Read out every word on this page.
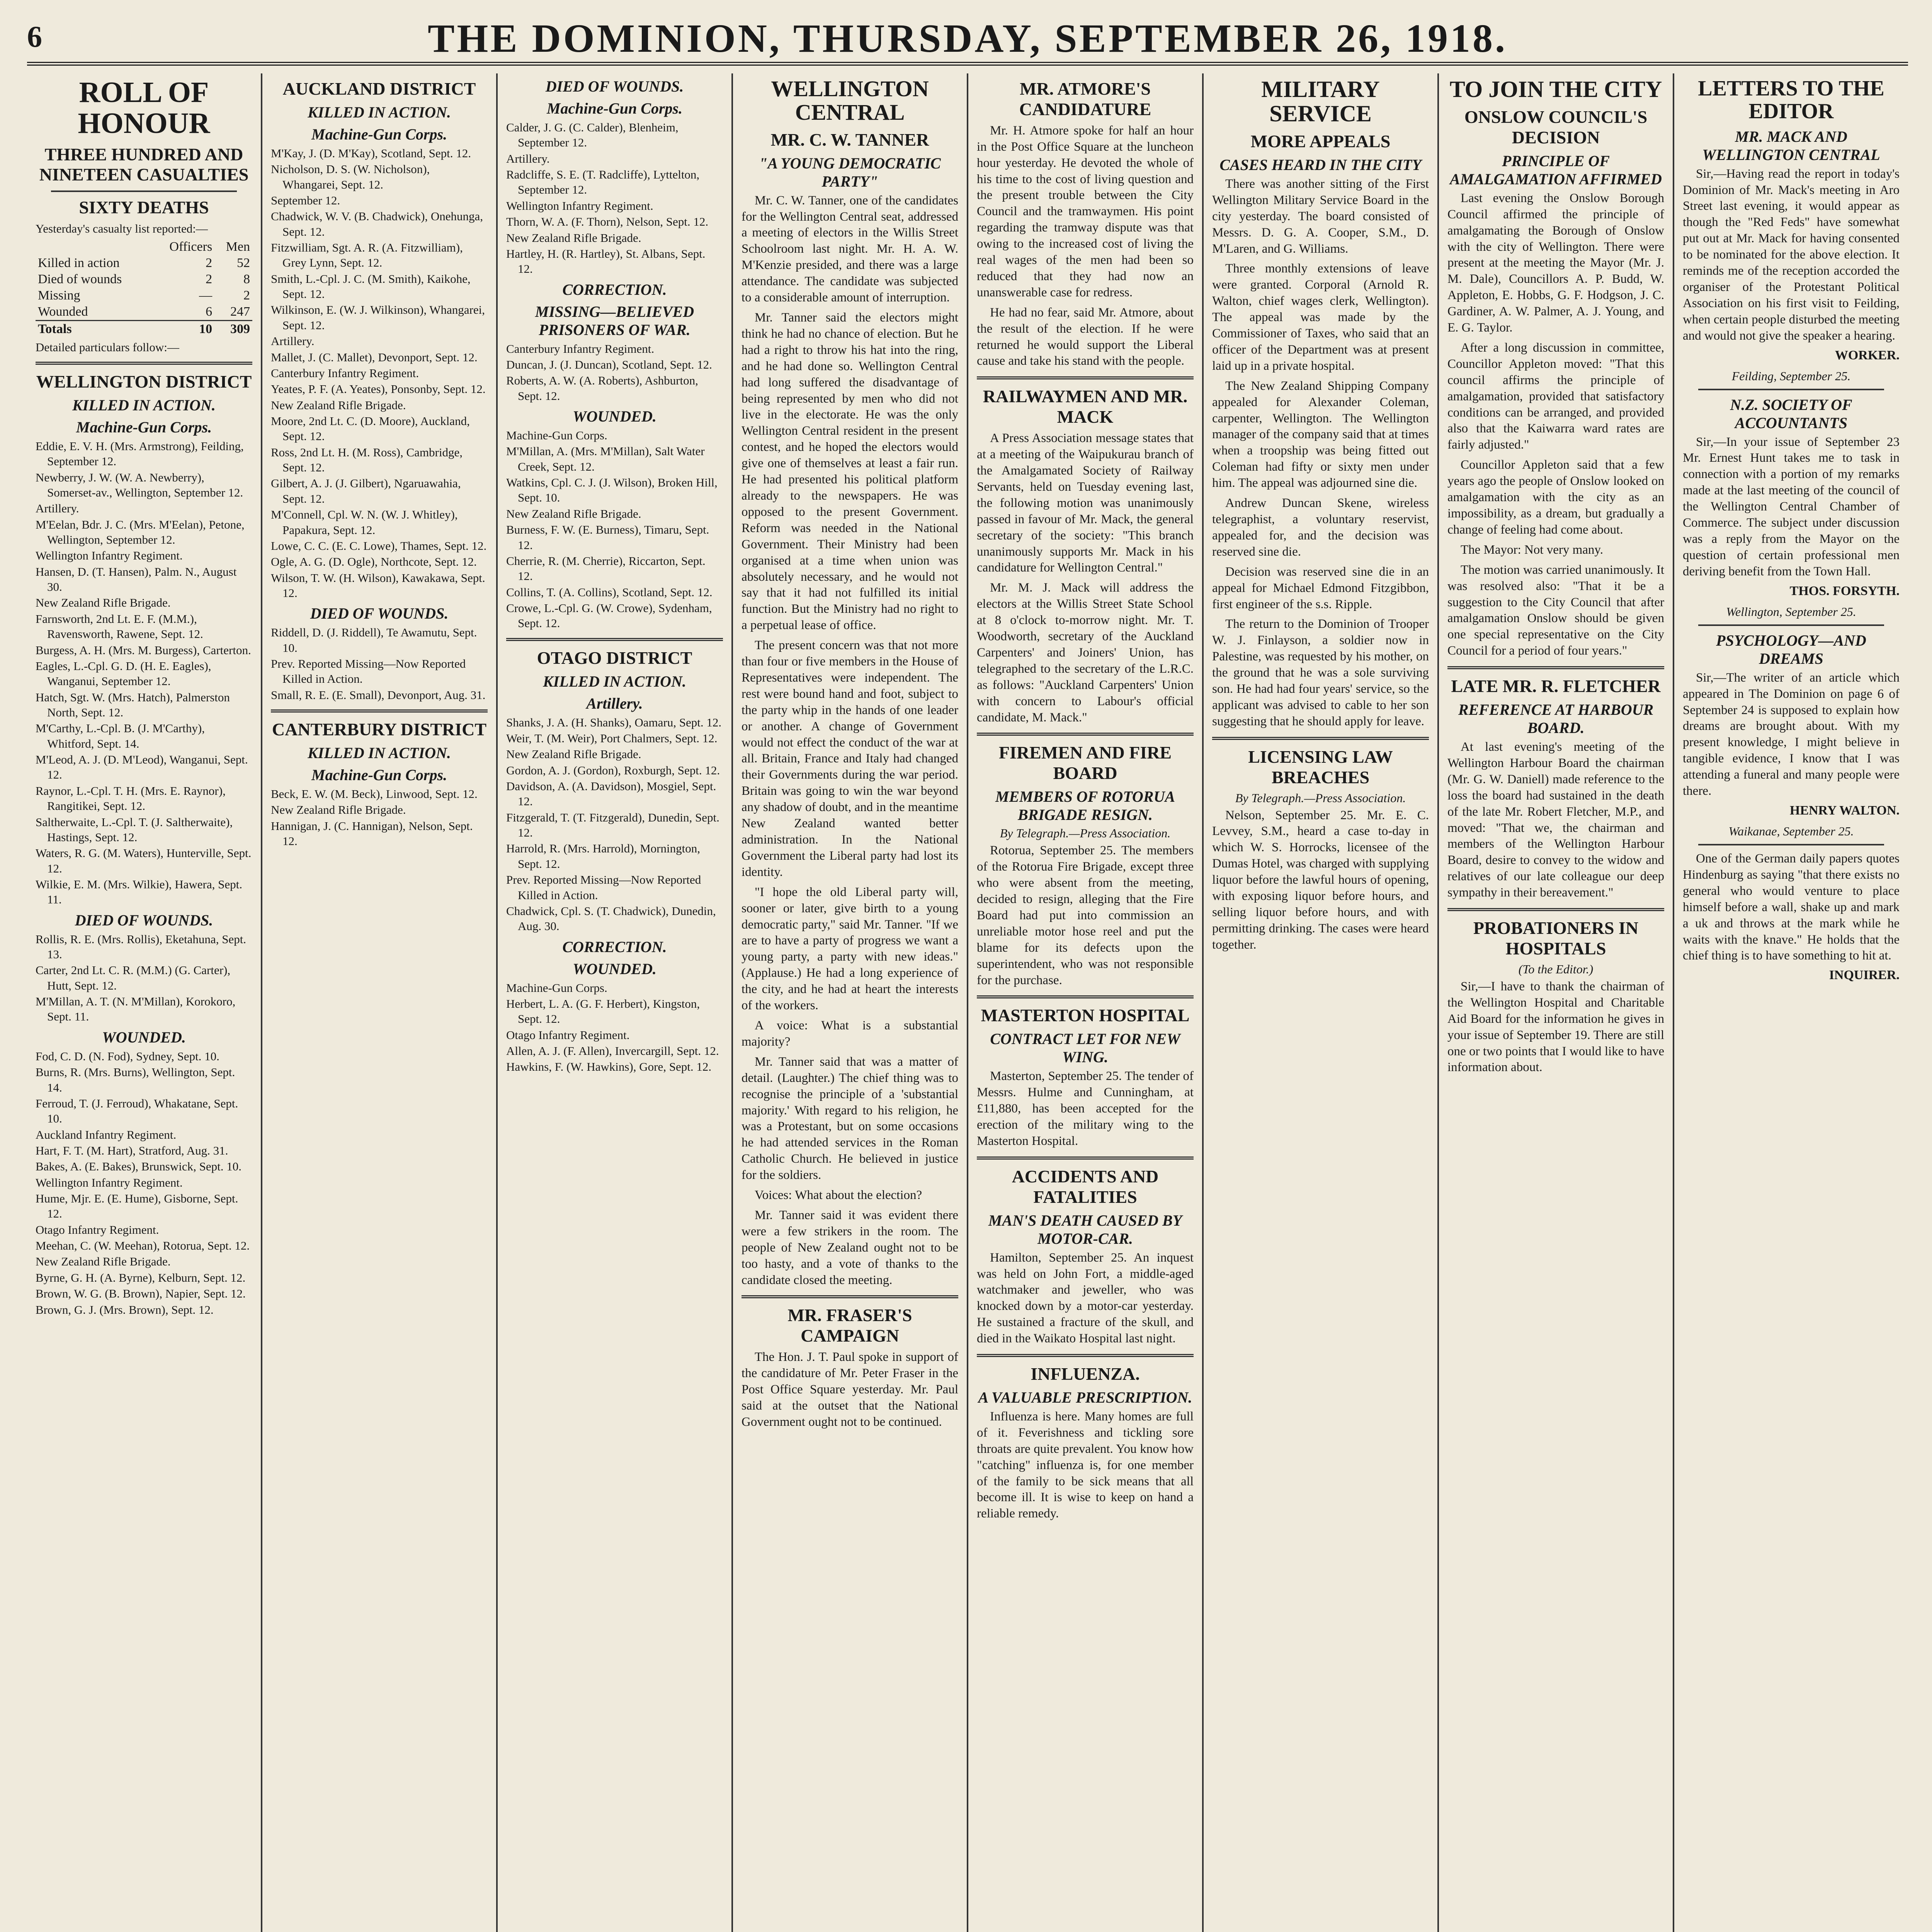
6	THE DOMINION, THURSDAY, SEPTEMBER 26, 1918.
ROLL OF HONOUR
THREE HUNDRED AND NINETEEN CASUALTIES
SIXTY DEATHS
Yesterday's casualty list reported:—
	Officers	Men
Killed in action	2	52
Died of wounds	2	8
Missing	—	2
Wounded	6	247
Totals	10	309
Detailed particulars follow:—
WELLINGTON DISTRICT
KILLED IN ACTION.
Machine-Gun Corps.
Eddie, E. V. H. (Mrs. Armstrong), Feilding, September 12.
Newberry, J. W. (W. A. Newberry), Somerset-av., Wellington, September 12.
Artillery.
M'Eelan, Bdr. J. C. (Mrs. M'Eelan), Petone, Wellington, September 12.
Wellington Infantry Regiment.
Hansen, D. (T. Hansen), Palm. N., August 30.
New Zealand Rifle Brigade.
Farnsworth, 2nd Lt. E. F. (M.M.), Ravensworth, Rawene, Sept. 12.
Burgess, A. H. (Mrs. M. Burgess), Carterton.
Eagles, L.-Cpl. G. D. (H. E. Eagles), Wanganui, September 12.
Hatch, Sgt. W. (Mrs. Hatch), Palmerston North, Sept. 12.
M'Carthy, L.-Cpl. B. (J. M'Carthy), Whitford, Sept. 14.
M'Leod, A. J. (D. M'Leod), Wanganui, Sept. 12.
Raynor, L.-Cpl. T. H. (Mrs. E. Raynor), Rangitikei, Sept. 12.
Saltherwaite, L.-Cpl. T. (J. Saltherwaite), Hastings, Sept. 12.
Waters, R. G. (M. Waters), Hunterville, Sept. 12.
Wilkie, E. M. (Mrs. Wilkie), Hawera, Sept. 11.
DIED OF WOUNDS.
Rollis, R. E. (Mrs. Rollis), Eketahuna, Sept. 13.
Carter, 2nd Lt. C. R. (M.M.) (G. Carter), Hutt, Sept. 12.
M'Millan, A. T. (N. M'Millan), Korokoro, Sept. 11.
WOUNDED.
Fod, C. D. (N. Fod), Sydney, Sept. 10.
Burns, R. (Mrs. Burns), Wellington, Sept. 14.
Ferroud, T. (J. Ferroud), Whakatane, Sept. 10.
Auckland Infantry Regiment.
Hart, F. T. (M. Hart), Stratford, Aug. 31.
Bakes, A. (E. Bakes), Brunswick, Sept. 10.
Wellington Infantry Regiment.
Hume, Mjr. E. (E. Hume), Gisborne, Sept. 12.
Otago Infantry Regiment.
Meehan, C. (W. Meehan), Rotorua, Sept. 12.
New Zealand Rifle Brigade.
Byrne, G. H. (A. Byrne), Kelburn, Sept. 12.
Brown, W. G. (B. Brown), Napier, Sept. 12.
Brown, G. J. (Mrs. Brown), Sept. 12.
AUCKLAND DISTRICT
KILLED IN ACTION.
Machine-Gun Corps.
M'Kay, J. (D. M'Kay), Scotland, Sept. 12.
Nicholson, D. S. (W. Nicholson), Whangarei, Sept. 12.
September 12.
Chadwick, W. V. (B. Chadwick), Onehunga, Sept. 12.
Fitzwilliam, Sgt. A. R. (A. Fitzwilliam), Grey Lynn, Sept. 12.
Smith, L.-Cpl. J. C. (M. Smith), Kaikohe, Sept. 12.
Wilkinson, E. (W. J. Wilkinson), Whangarei, Sept. 12.
Artillery.
Mallet, J. (C. Mallet), Devonport, Sept. 12.
Canterbury Infantry Regiment.
Yeates, P. F. (A. Yeates), Ponsonby, Sept. 12.
New Zealand Rifle Brigade.
Moore, 2nd Lt. C. (D. Moore), Auckland, Sept. 12.
Ross, 2nd Lt. H. (M. Ross), Cambridge, Sept. 12.
Gilbert, A. J. (J. Gilbert), Ngaruawahia, Sept. 12.
M'Connell, Cpl. W. N. (W. J. Whitley), Papakura, Sept. 12.
Lowe, C. C. (E. C. Lowe), Thames, Sept. 12.
Ogle, A. G. (D. Ogle), Northcote, Sept. 12.
Wilson, T. W. (H. Wilson), Kawakawa, Sept. 12.
DIED OF WOUNDS.
Riddell, D. (J. Riddell), Te Awamutu, Sept. 10.
Prev. Reported Missing—Now Reported Killed in Action.
Small, R. E. (E. Small), Devonport, Aug. 31.
CANTERBURY DISTRICT
KILLED IN ACTION.
Machine-Gun Corps.
Beck, E. W. (M. Beck), Linwood, Sept. 12.
New Zealand Rifle Brigade.
Hannigan, J. (C. Hannigan), Nelson, Sept. 12.
DIED OF WOUNDS.
Machine-Gun Corps.
Calder, J. G. (C. Calder), Blenheim, September 12.
Artillery.
Radcliffe, S. E. (T. Radcliffe), Lyttelton, September 12.
Wellington Infantry Regiment.
Thorn, W. A. (F. Thorn), Nelson, Sept. 12.
New Zealand Rifle Brigade.
Hartley, H. (R. Hartley), St. Albans, Sept. 12.
CORRECTION.
MISSING—BELIEVED PRISONERS OF WAR.
Canterbury Infantry Regiment.
Duncan, J. (J. Duncan), Scotland, Sept. 12.
Roberts, A. W. (A. Roberts), Ashburton, Sept. 12.
WOUNDED.
Machine-Gun Corps.
M'Millan, A. (Mrs. M'Millan), Salt Water Creek, Sept. 12.
Watkins, Cpl. C. J. (J. Wilson), Broken Hill, Sept. 10.
New Zealand Rifle Brigade.
Burness, F. W. (E. Burness), Timaru, Sept. 12.
Cherrie, R. (M. Cherrie), Riccarton, Sept. 12.
Collins, T. (A. Collins), Scotland, Sept. 12.
Crowe, L.-Cpl. G. (W. Crowe), Sydenham, Sept. 12.
OTAGO DISTRICT
KILLED IN ACTION.
Artillery.
Shanks, J. A. (H. Shanks), Oamaru, Sept. 12.
Weir, T. (M. Weir), Port Chalmers, Sept. 12.
New Zealand Rifle Brigade.
Gordon, A. J. (Gordon), Roxburgh, Sept. 12.
Davidson, A. (A. Davidson), Mosgiel, Sept. 12.
Fitzgerald, T. (T. Fitzgerald), Dunedin, Sept. 12.
Harrold, R. (Mrs. Harrold), Mornington, Sept. 12.
Prev. Reported Missing—Now Reported Killed in Action.
Chadwick, Cpl. S. (T. Chadwick), Dunedin, Aug. 30.
CORRECTION.
WOUNDED.
Machine-Gun Corps.
Herbert, L. A. (G. F. Herbert), Kingston, Sept. 12.
Otago Infantry Regiment.
Allen, A. J. (F. Allen), Invercargill, Sept. 12.
Hawkins, F. (W. Hawkins), Gore, Sept. 12.
WELLINGTON CENTRAL
MR. C. W. TANNER
"A YOUNG DEMOCRATIC PARTY"

Mr. C. W. Tanner, one of the candidates for the Wellington Central seat, addressed a meeting of electors in the Willis Street Schoolroom last night. Mr. H. A. W. M'Kenzie presided, and there was a large attendance. The candidate was subjected to a considerable amount of interruption.

Mr. Tanner said the electors might think he had no chance of election. But he had a right to throw his hat into the ring, and he had done so. Wellington Central had long suffered the disadvantage of being represented by men who did not live in the electorate. He was the only Wellington Central resident in the present contest, and he hoped the electors would give one of themselves at least a fair run. He had presented his political platform already to the newspapers. He was opposed to the present Government. Reform was needed in the National Government. Their Ministry had been organised at a time when union was absolutely necessary, and he would not say that it had not fulfilled its initial function. But the Ministry had no right to a perpetual lease of office.

The present concern was that not more than four or five members in the House of Representatives were independent. The rest were bound hand and foot, subject to the party whip in the hands of one leader or another. A change of Government would not effect the conduct of the war at all. Britain, France and Italy had changed their Governments during the war period. Britain was going to win the war beyond any shadow of doubt, and in the meantime New Zealand wanted better administration. In the National Government the Liberal party had lost its identity.

"I hope the old Liberal party will, sooner or later, give birth to a young democratic party," said Mr. Tanner. "If we are to have a party of progress we want a young party, a party with new ideas." (Applause.) He had a long experience of the city, and he had at heart the interests of the workers.

A voice: What is a substantial majority?

Mr. Tanner said that was a matter of detail. (Laughter.) The chief thing was to recognise the principle of a 'substantial majority.' With regard to his religion, he was a Protestant, but on some occasions he had attended services in the Roman Catholic Church. He believed in justice for the soldiers.

Voices: What about the election?

Mr. Tanner said it was evident there were a few strikers in the room. The people of New Zealand ought not to be too hasty, and a vote of thanks to the candidate closed the meeting.

MR. FRASER'S CAMPAIGN

The Hon. J. T. Paul spoke in support of the candidature of Mr. Peter Fraser in the Post Office Square yesterday. Mr. Paul said at the outset that the National Government ought not to be continued.

MR. ATMORE'S CANDIDATURE

Mr. H. Atmore spoke for half an hour in the Post Office Square at the luncheon hour yesterday. He devoted the whole of his time to the cost of living question and the present trouble between the City Council and the tramwaymen. His point regarding the tramway dispute was that owing to the increased cost of living the real wages of the men had been so reduced that they had now an unanswerable case for redress.

He had no fear, said Mr. Atmore, about the result of the election. If he were returned he would support the Liberal cause and take his stand with the people.

RAILWAYMEN AND MR. MACK

A Press Association message states that at a meeting of the Waipukurau branch of the Amalgamated Society of Railway Servants, held on Tuesday evening last, the following motion was unanimously passed in favour of Mr. Mack, the general secretary of the society: "This branch unanimously supports Mr. Mack in his candidature for Wellington Central."

Mr. M. J. Mack will address the electors at the Willis Street State School at 8 o'clock to-morrow night. Mr. T. Woodworth, secretary of the Auckland Carpenters' and Joiners' Union, has telegraphed to the secretary of the L.R.C. as follows: "Auckland Carpenters' Union with concern to Labour's official candidate, M. Mack."

FIREMEN AND FIRE BOARD
MEMBERS OF ROTORUA BRIGADE RESIGN.
By Telegraph.—Press Association.

Rotorua, September 25. The members of the Rotorua Fire Brigade, except three who were absent from the meeting, decided to resign, alleging that the Fire Board had put into commission an unreliable motor hose reel and put the blame for its defects upon the superintendent, who was not responsible for the purchase.

MASTERTON HOSPITAL
CONTRACT LET FOR NEW WING.

Masterton, September 25. The tender of Messrs. Hulme and Cunningham, at £11,880, has been accepted for the erection of the military wing to the Masterton Hospital.

ACCIDENTS AND FATALITIES
MAN'S DEATH CAUSED BY MOTOR-CAR.

Hamilton, September 25. An inquest was held on John Fort, a middle-aged watchmaker and jeweller, who was knocked down by a motor-car yesterday. He sustained a fracture of the skull, and died in the Waikato Hospital last night.

INFLUENZA.
A VALUABLE PRESCRIPTION.

Influenza is here. Many homes are full of it. Feverishness and tickling sore throats are quite prevalent. You know how "catching" influenza is, for one member of the family to be sick means that all become ill. It is wise to keep on hand a reliable remedy.

MILITARY SERVICE
MORE APPEALS
CASES HEARD IN THE CITY

There was another sitting of the First Wellington Military Service Board in the city yesterday. The board consisted of Messrs. D. G. A. Cooper, S.M., D. M'Laren, and G. Williams.

Three monthly extensions of leave were granted. Corporal (Arnold R. Walton, chief wages clerk, Wellington). The appeal was made by the Commissioner of Taxes, who said that an officer of the Department was at present laid up in a private hospital.

The New Zealand Shipping Company appealed for Alexander Coleman, carpenter, Wellington. The Wellington manager of the company said that at times when a troopship was being fitted out Coleman had fifty or sixty men under him. The appeal was adjourned sine die.

Andrew Duncan Skene, wireless telegraphist, a voluntary reservist, appealed for, and the decision was reserved sine die.

Decision was reserved sine die in an appeal for Michael Edmond Fitzgibbon, first engineer of the s.s. Ripple.

The return to the Dominion of Trooper W. J. Finlayson, a soldier now in Palestine, was requested by his mother, on the ground that he was a sole surviving son. He had had four years' service, so the applicant was advised to cable to her son suggesting that he should apply for leave.

LICENSING LAW BREACHES
By Telegraph.—Press Association.

Nelson, September 25. Mr. E. C. Levvey, S.M., heard a case to-day in which W. S. Horrocks, licensee of the Dumas Hotel, was charged with supplying liquor before the lawful hours of opening, with exposing liquor before hours, and selling liquor before hours, and with permitting drinking. The cases were heard together.

TO JOIN THE CITY
ONSLOW COUNCIL'S DECISION
PRINCIPLE OF AMALGAMATION AFFIRMED

Last evening the Onslow Borough Council affirmed the principle of amalgamating the Borough of Onslow with the city of Wellington. There were present at the meeting the Mayor (Mr. J. M. Dale), Councillors A. P. Budd, W. Appleton, E. Hobbs, G. F. Hodgson, J. C. Gardiner, A. W. Palmer, A. J. Young, and E. G. Taylor.

After a long discussion in committee, Councillor Appleton moved: "That this council affirms the principle of amalgamation, provided that satisfactory conditions can be arranged, and provided also that the Kaiwarra ward rates are fairly adjusted."

Councillor Appleton said that a few years ago the people of Onslow looked on amalgamation with the city as an impossibility, as a dream, but gradually a change of feeling had come about.

The Mayor: Not very many.

The motion was carried unanimously. It was resolved also: "That it be a suggestion to the City Council that after amalgamation Onslow should be given one special representative on the City Council for a period of four years."

LATE MR. R. FLETCHER
REFERENCE AT HARBOUR BOARD.

At last evening's meeting of the Wellington Harbour Board the chairman (Mr. G. W. Daniell) made reference to the loss the board had sustained in the death of the late Mr. Robert Fletcher, M.P., and moved: "That we, the chairman and members of the Wellington Harbour Board, desire to convey to the widow and relatives of our late colleague our deep sympathy in their bereavement."

PROBATIONERS IN HOSPITALS
(To the Editor.)

Sir,—I have to thank the chairman of the Wellington Hospital and Charitable Aid Board for the information he gives in your issue of September 19. There are still one or two points that I would like to have information about.

LETTERS TO THE EDITOR
MR. MACK AND WELLINGTON CENTRAL

Sir,—Having read the report in today's Dominion of Mr. Mack's meeting in Aro Street last evening, it would appear as though the "Red Feds" have somewhat put out at Mr. Mack for having consented to be nominated for the above election. It reminds me of the reception accorded the organiser of the Protestant Political Association on his first visit to Feilding, when certain people disturbed the meeting and would not give the speaker a hearing.

WORKER.
Feilding, September 25.
N.Z. SOCIETY OF ACCOUNTANTS

Sir,—In your issue of September 23 Mr. Ernest Hunt takes me to task in connection with a portion of my remarks made at the last meeting of the council of the Wellington Central Chamber of Commerce. The subject under discussion was a reply from the Mayor on the question of certain professional men deriving benefit from the Town Hall.

THOS. FORSYTH.
Wellington, September 25.
PSYCHOLOGY—AND DREAMS

Sir,—The writer of an article which appeared in The Dominion on page 6 of September 24 is supposed to explain how dreams are brought about. With my present knowledge, I might believe in tangible evidence, I know that I was attending a funeral and many people were there.

HENRY WALTON.
Waikanae, September 25.

One of the German daily papers quotes Hindenburg as saying "that there exists no general who would venture to place himself before a wall, shake up and mark a uk and throws at the mark while he waits with the knave." He holds that the chief thing is to have something to hit at.

INQUIRER.
